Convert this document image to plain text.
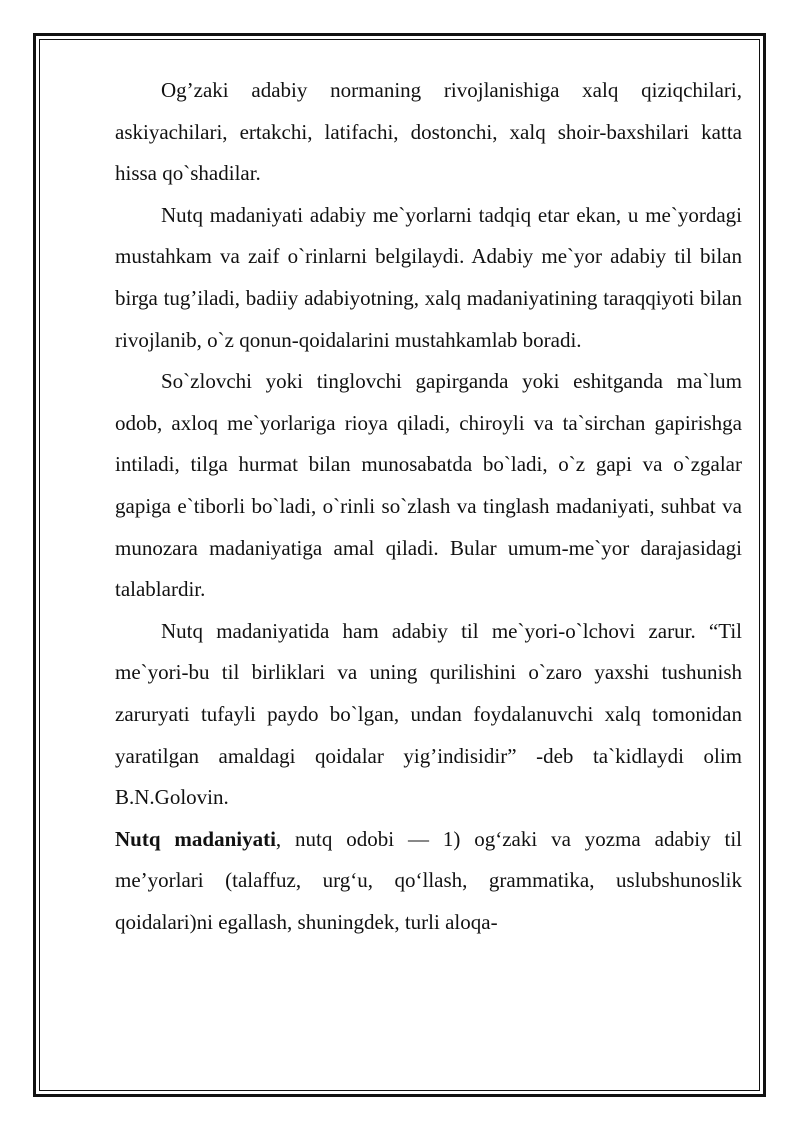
Og’zaki adabiy normaning rivojlanishiga xalq qiziqchilari, askiyachilari, ertakchi, latifachi, dostonchi, xalq shoir-baxshilari katta hissa qo`shadilar.

Nutq madaniyati adabiy me`yorlarni tadqiq etar ekan, u me`yordagi mustahkam va zaif o`rinlarni belgilaydi. Adabiy me`yor adabiy til bilan birga tug’iladi, badiiy adabiyotning, xalq madaniyatining taraqqiyoti bilan rivojlanib, o`z qonun-qoidalarini mustahkamlab boradi.

So`zlovchi yoki tinglovchi gapirganda yoki eshitganda ma`lum odob, axloq me`yorlariga rioya qiladi, chiroyli va ta`sirchan gapirishga intiladi, tilga hurmat bilan munosabatda bo`ladi, o`z gapi va o`zgalar gapiga e`tiborli bo`ladi, o`rinli so`zlash va tinglash madaniyati, suhbat va munozara madaniyatiga amal qiladi. Bular umum-me`yor darajasidagi talablardir.

Nutq madaniyatida ham adabiy til me`yori-o`lchovi zarur. “Til me`yori-bu til birliklari va uning qurilishini o`zaro yaxshi tushunish zaruryati tufayli paydo bo`lgan, undan foydalanuvchi xalq tomonidan yaratilgan amaldagi qoidalar yig’indisidir” -deb ta`kidlaydi olim B.N.Golovin.

Nutq madaniyati, nutq odobi — 1) og‘zaki va yozma adabiy til me’yorlari (talaffuz, urg‘u, qo‘llash, grammatika, uslubshunoslik qoidalari)ni egallash, shuningdek, turli aloqa-
